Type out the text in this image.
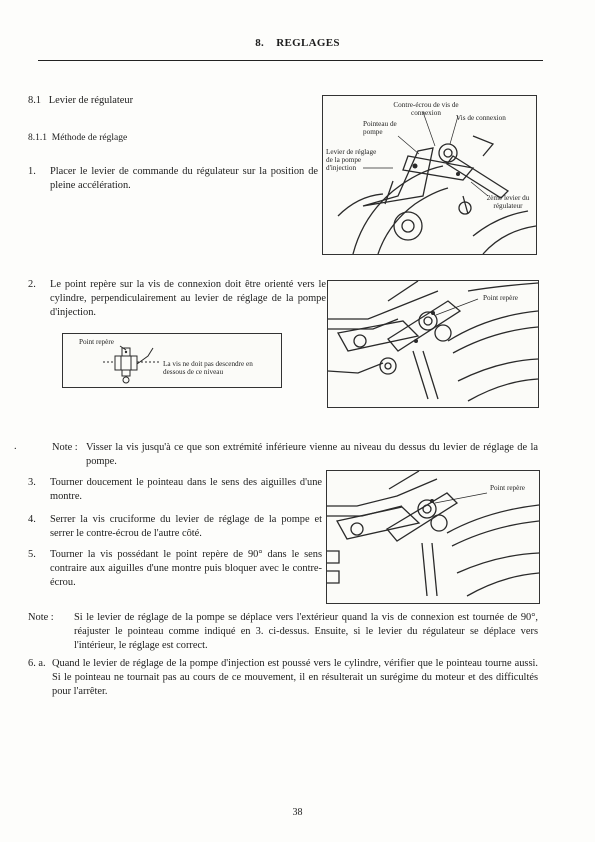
8. REGLAGES
8.1 Levier de régulateur
8.1.1 Méthode de réglage
1. Placer le levier de commande du régulateur sur la position de pleine accélération.
Contre-écrou de vis de connexion
Vis de connexion
Pointeau de pompe
Levier de réglage de la pompe d'injection
2ème levier du régulateur
2. Le point repère sur la vis de connexion doit être orienté vers le cylindre, perpendiculairement au levier de réglage de la pompe d'injection.
Point repère
La vis ne doit pas descendre en dessous de ce niveau
Point repère
.	Note : Visser la vis jusqu'à ce que son extrémité inférieure vienne au niveau du dessus du levier de réglage de la pompe.
3. Tourner doucement le pointeau dans le sens des aiguilles d'une montre.
4. Serrer la vis cruciforme du levier de réglage de la pompe et serrer le contre-écrou de l'autre côté.
5. Tourner la vis possédant le point repère de 90° dans le sens contraire aux aiguilles d'une montre puis bloquer avec le contre-écrou.
Point repère
Note : Si le levier de réglage de la pompe se déplace vers l'extérieur quand la vis de connexion est tournée de 90°, réajuster le pointeau comme indiqué en 3. ci-dessus. Ensuite, si le levier du régulateur se déplace vers l'intérieur, le réglage est correct.
6. a. Quand le levier de réglage de la pompe d'injection est poussé vers le cylindre, vérifier que le pointeau tourne aussi. Si le pointeau ne tournait pas au cours de ce mouvement, il en résulterait un surégime du moteur et des difficultés pour l'arrêter.
38
